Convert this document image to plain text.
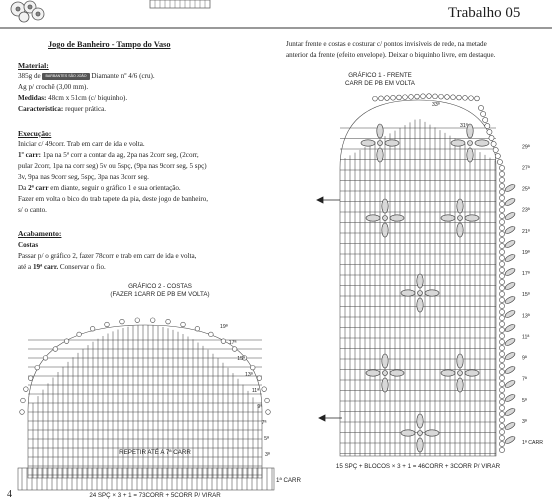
Trabalho 05
Jogo de Banheiro - Tampo do Vaso
Material:
385g de BARBANTES SÃO JOÃO Diamante nº 4/6 (cru).
Ag p/ crochê (3,00 mm).
Medidas: 48cm x 51cm (c/ biquinho).
Característica: requer prática.
Execução:
Iniciar c/ 49corr. Trab em carr de ida e volta.
1º carr: 1pa na 5ª corr a contar da ag, 2pa nas 2corr seg, (2corr,
pular 2corr, 1pa na corr seg) 5v ou 5spç, (9pa nas 9corr seg, 5 spç)
3v, 9pa nas 9corr seg, 5spç, 3pa nas 3corr seg.
Da 2ª carr em diante, seguir o gráfico 1 e sua orientação.
Fazer em volta o bico do trab tapete da pia, deste jogo de banheiro,
s/ o canto.
Acabamento:
Costas
Passar p/ o gráfico 2, fazer 78corr e trab em carr de ida e volta,
até a 19ª carr. Conservar o fio.
Juntar frente e costas e costurar c/ pontos invisíveis de rede, na metade
anterior da frente (efeito envelope). Deixar o biquinho livre, em destaque.
GRÁFICO 2 - COSTAS
(FAZER 1CARR DE PB EM VOLTA)
19ª
17ª
15ª
13ª
11ª
9ª
7ª
5ª
3ª
REPETIR ATÉ A 7ª CARR
1ª CARR
24 SPÇ × 3 + 1 = 73CORR + 5CORR P/ VIRAR
4
GRÁFICO 1 - FRENTE
CARR DE PB EM VOLTA
33ª
31ª
29ª
27ª
25ª
23ª
21ª
19ª
17ª
15ª
13ª
11ª
9ª
7ª
5ª
3ª
1ª CARR
15 SPÇ + BLOCOS × 3 + 1 = 46CORR + 3CORR P/ VIRAR
